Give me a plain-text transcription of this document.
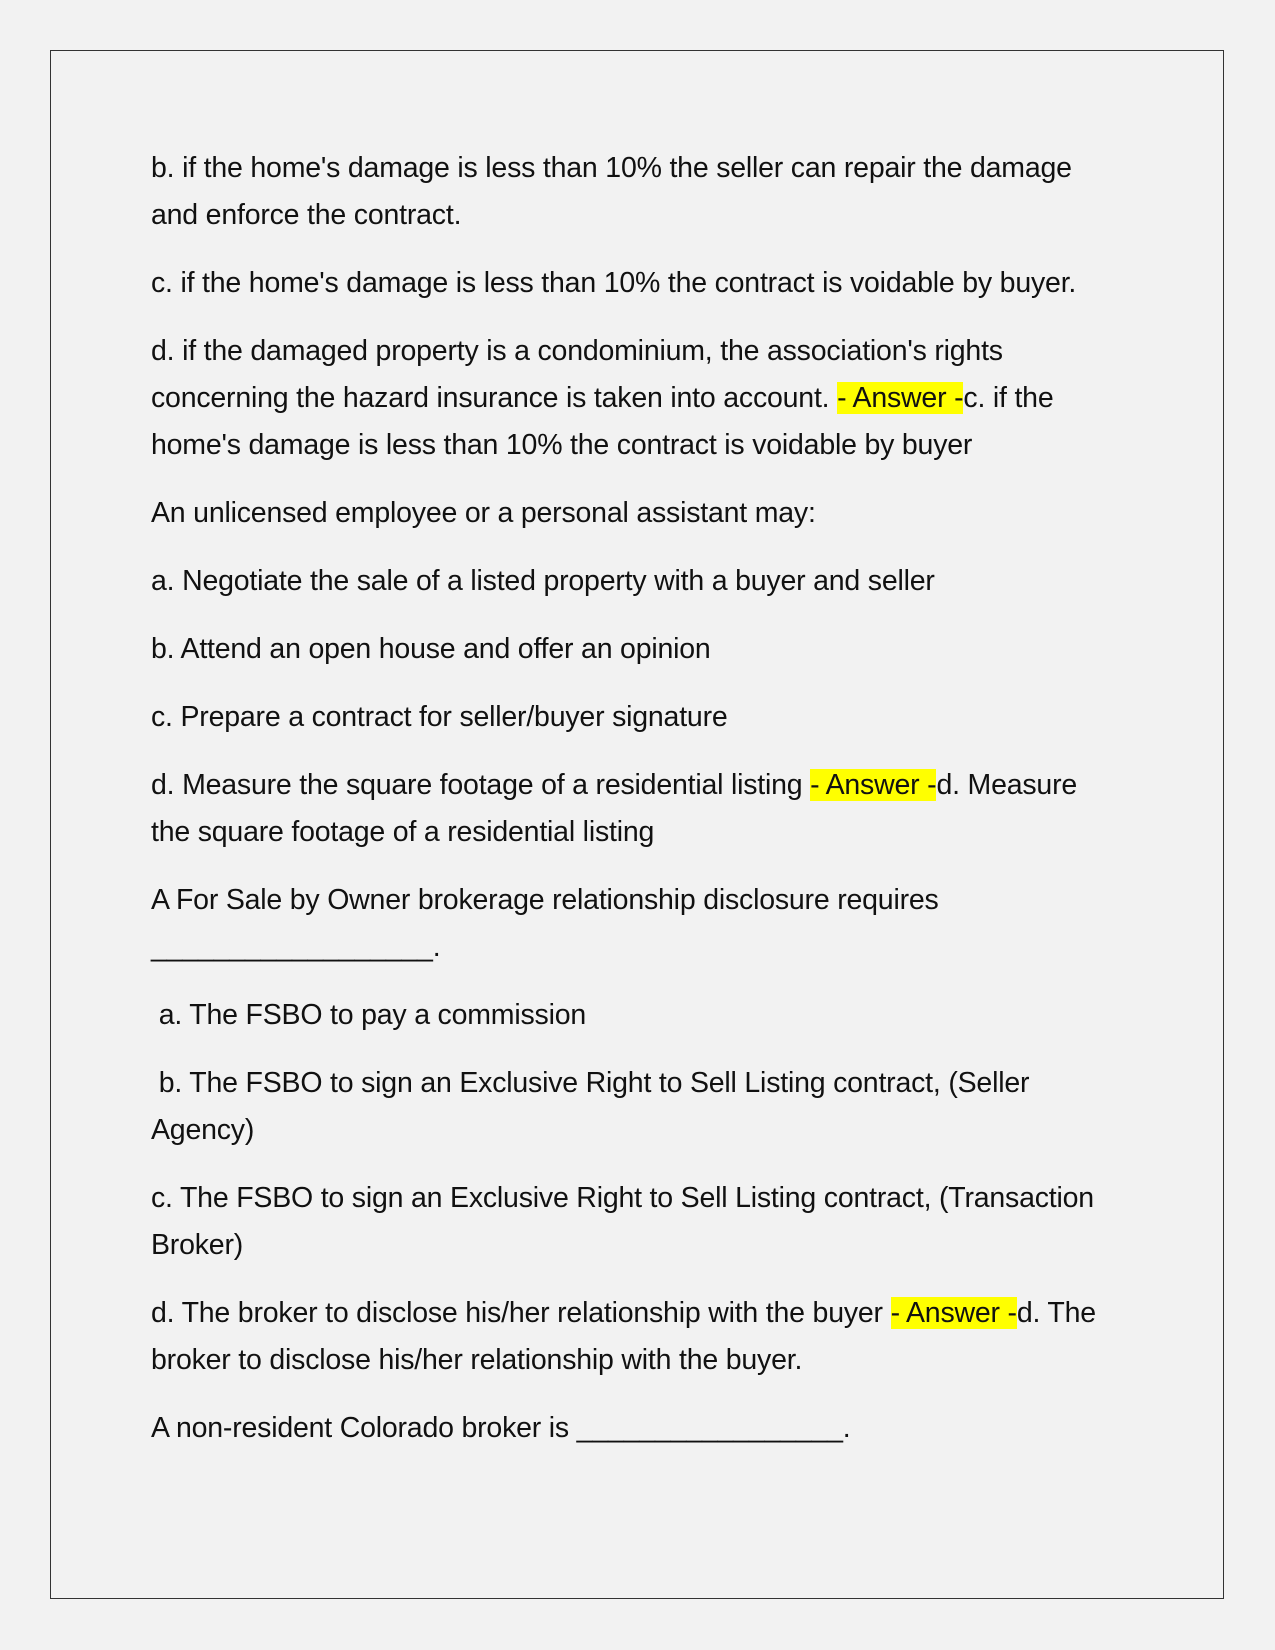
b. if the home's damage is less than 10% the seller can repair the damage and enforce the contract.

c. if the home's damage is less than 10% the contract is voidable by buyer.

d. if the damaged property is a condominium, the association's rights concerning the hazard insurance is taken into account. - Answer -c. if the home's damage is less than 10% the contract is voidable by buyer

An unlicensed employee or a personal assistant may:

a. Negotiate the sale of a listed property with a buyer and seller

b. Attend an open house and offer an opinion

c. Prepare a contract for seller/buyer signature

d. Measure the square footage of a residential listing - Answer -d. Measure the square footage of a residential listing

A For Sale by Owner brokerage relationship disclosure requires __________________.

a. The FSBO to pay a commission

b. The FSBO to sign an Exclusive Right to Sell Listing contract, (Seller Agency)

c. The FSBO to sign an Exclusive Right to Sell Listing contract, (Transaction Broker)

d. The broker to disclose his/her relationship with the buyer - Answer -d. The broker to disclose his/her relationship with the buyer.

A non-resident Colorado broker is _________________.
